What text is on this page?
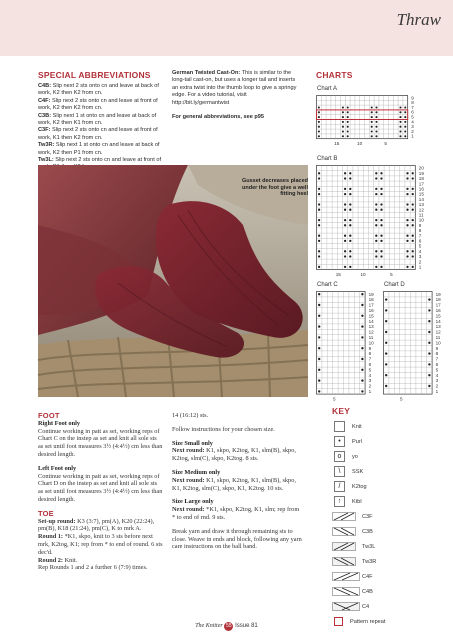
Thraw
SPECIAL ABBREVIATIONS
C4B: Slip next 2 sts onto cn and leave at back of work, K2 then K2 from cn.
C4F: Slip next 2 sts onto cn and leave at front of work, K2 then K2 from cn.
C3B: Slip next 1 st onto cn and leave at back of work, K2 then K1 from cn.
C3F: Slip next 2 sts onto cn and leave at front of work, K1 then K2 from cn.
Tw3R: Slip next 1 st onto cn and leave at back of work, K2 then P1 from cn.
Tw3L: Slip next 2 sts onto cn and leave at front of
German Twisted Cast-On: This is similar to the long-tail cast-on, but uses a longer tail and inserts an extra twist into the thumb loop to give a springy edge. For a video tutorial, visit http://bit.ly/germantwist
For general abbreviations, see p95
CHARTS
Chart A
9
8
7
6
5
4
3
2
1
15	10	5
Chart B
20
19
18
17
16
15
14
13
12
11
10
9
8
7
6
5
4
3
2
1
15	10	5
Chart C
19
18
17
16
15
14
13
12
11
10
9
8
7
6
5
4
3
2
1
5
Chart D
19
18
17
16
15
14
13
12
11
10
9
8
7
6
5
4
3
2
1
5
Gusset decreases placed under the foot give a well fitting heel
FOOT
Right Foot only

Continue working in patt as set, working reps of Chart C on the instep as set and knit all sole sts as set until foot measures 3½ (4:4½) cm less than desired length.

Left Foot only

Continue working in patt as set, working reps of Chart D on the instep as set and knit all sole sts as set until foot measures 3½ (4:4½) cm less than desired length.

TOE
Set-up round: K3 (3:7), pm(A), K20 (22:24), pm(B), K18 (21:24), pm(C), K to mrk A.
Round 1: *K1, skpo, knit to 3 sts before next mrk, K2tog, K1; rep from * to end of round. 6 sts dec'd.
Round 2: Knit.
Rep Rounds 1 and 2 a further 6 (7:9) times.

14 (16:12) sts.

Follow instructions for your chosen size.

Size Small only

Next round: K1, skpo, K2tog, K1, slm(B), skpo, K2tog, slm(C), skpo, K2tog. 8 sts.

Size Medium only

Next round: K1, skpo, K2tog, K1, slm(B), skpo, K1, K2tog, slm(C), skpo, K1, K2tog. 10 sts.

Size Large only

Next round: *K1, skpo, K2tog, K1, slm; rep from * to end of rnd. 9 sts.

Break yarn and draw it through remaining sts to close. Weave in ends and block, following any yarn care instructions on the ball band.

KEY
Knit
•	Purl
o	yo
\	SSK
/	K2tog
↑	Ktbl
C3F
C3B
Tw3L
Tw3R
C4F
C4B
C4
Pattern repeat
The Knitter 55 Issue 81
